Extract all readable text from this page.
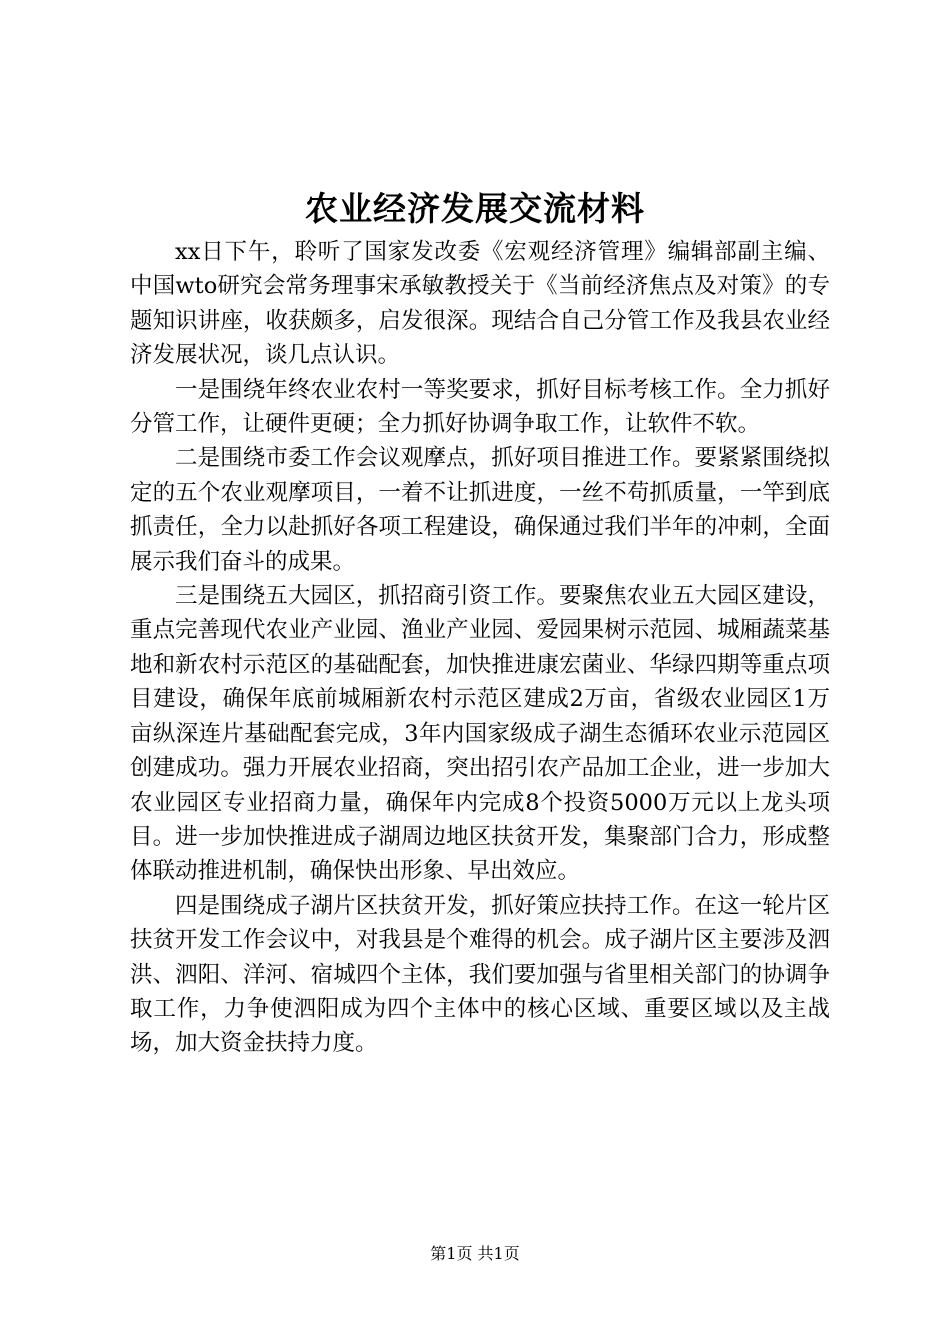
农业经济发展交流材料

xx日下午，聆听了国家发改委《宏观经济管理》编辑部副主编、中国wto研究会常务理事宋承敏教授关于《当前经济焦点及对策》的专题知识讲座，收获颇多，启发很深。现结合自己分管工作及我县农业经济发展状况，谈几点认识。

一是围绕年终农业农村一等奖要求，抓好目标考核工作。全力抓好分管工作，让硬件更硬；全力抓好协调争取工作，让软件不软。

二是围绕市委工作会议观摩点，抓好项目推进工作。要紧紧围绕拟定的五个农业观摩项目，一着不让抓进度，一丝不苟抓质量，一竿到底抓责任，全力以赴抓好各项工程建设，确保通过我们半年的冲刺，全面展示我们奋斗的成果。

三是围绕五大园区，抓招商引资工作。要聚焦农业五大园区建设，重点完善现代农业产业园、渔业产业园、爱园果树示范园、城厢蔬菜基地和新农村示范区的基础配套，加快推进康宏菌业、华绿四期等重点项目建设，确保年底前城厢新农村示范区建成2万亩，省级农业园区1万亩纵深连片基础配套完成，3年内国家级成子湖生态循环农业示范园区创建成功。强力开展农业招商，突出招引农产品加工企业，进一步加大农业园区专业招商力量，确保年内完成8个投资5000万元以上龙头项目。进一步加快推进成子湖周边地区扶贫开发，集聚部门合力，形成整体联动推进机制，确保快出形象、早出效应。

四是围绕成子湖片区扶贫开发，抓好策应扶持工作。在这一轮片区扶贫开发工作会议中，对我县是个难得的机会。成子湖片区主要涉及泗洪、泗阳、洋河、宿城四个主体，我们要加强与省里相关部门的协调争取工作，力争使泗阳成为四个主体中的核心区域、重要区域以及主战场，加大资金扶持力度。

第1页 共1页
